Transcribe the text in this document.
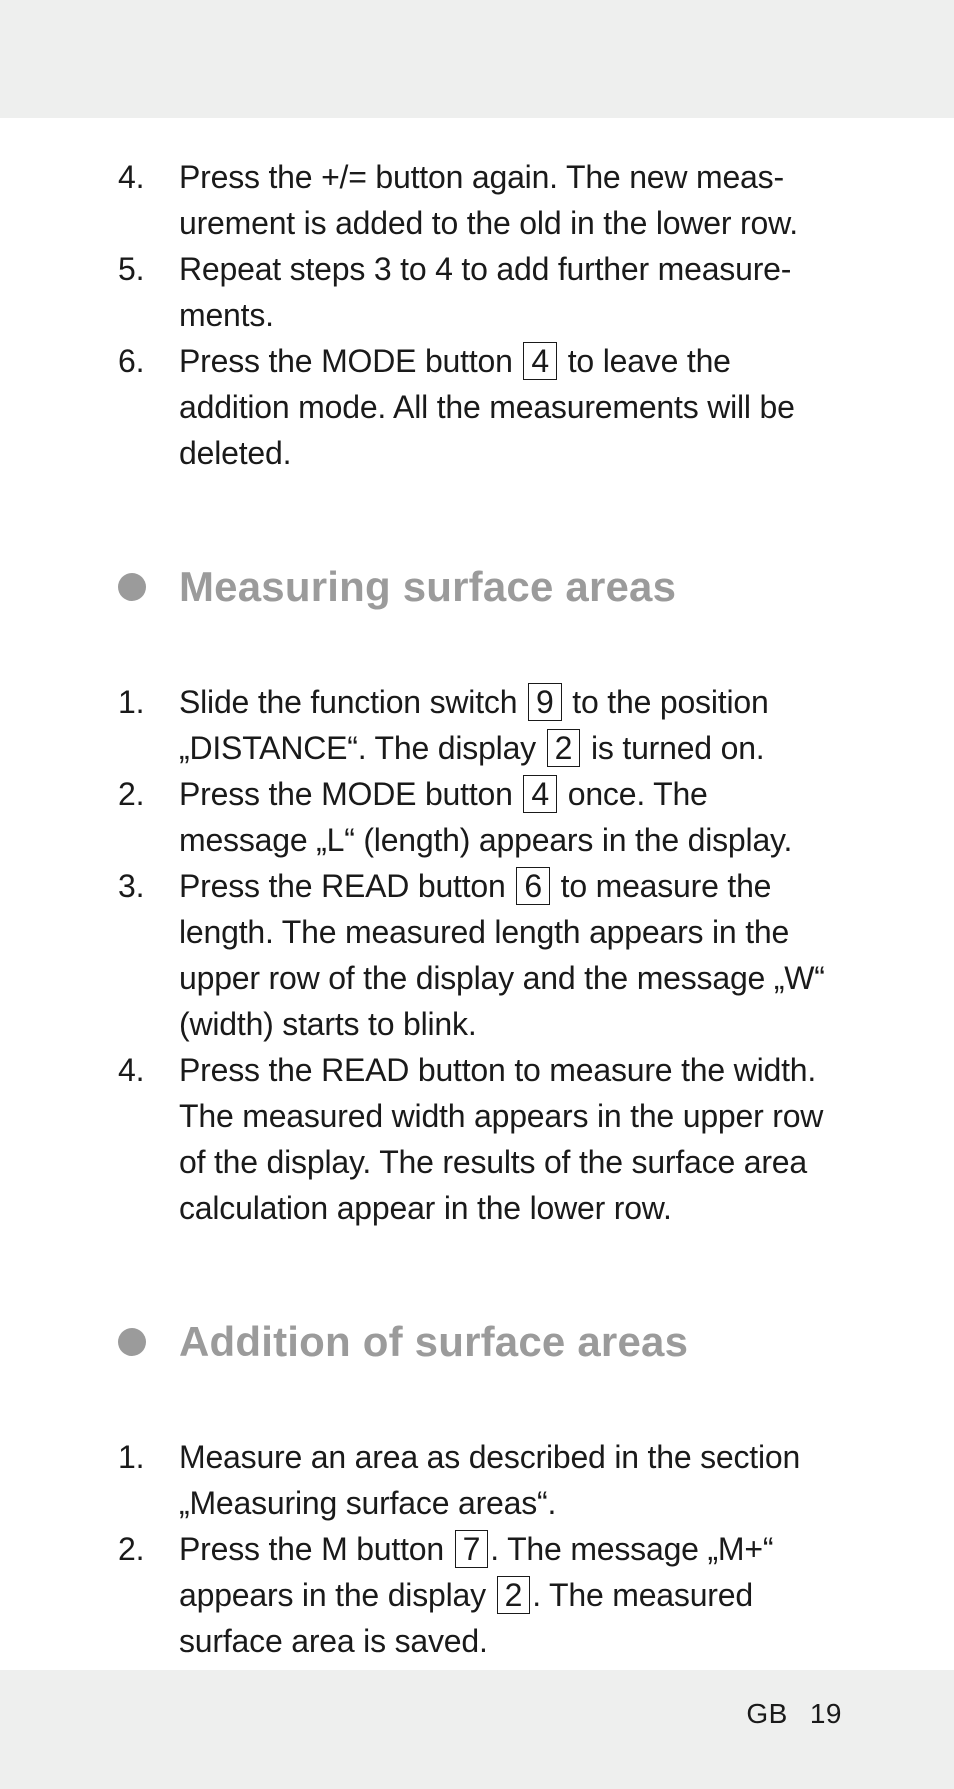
4.	Press the +/= button again. The new measurement is added to the old in the lower row.
5.	Repeat steps 3 to 4 to add further measurements.
6.	Press the MODE button 4 to leave the addition mode. All the measurements will be deleted.
Measuring surface areas
1.	Slide the function switch 9 to the position „DISTANCE“. The display 2 is turned on.
2.	Press the MODE button 4 once. The message „L“ (length) appears in the display.
3.	Press the READ button 6 to measure the length. The measured length appears in the upper row of the display and the message „W“ (width) starts to blink.
4.	Press the READ button to measure the width. The measured width appears in the upper row of the display. The results of the surface area calculation appear in the lower row.
Addition of surface areas
1.	Measure an area as described in the section „Measuring surface areas“.
2.	Press the M button 7 . The message „M+“ appears in the display 2 . The measured surface area is saved.
GB 19
